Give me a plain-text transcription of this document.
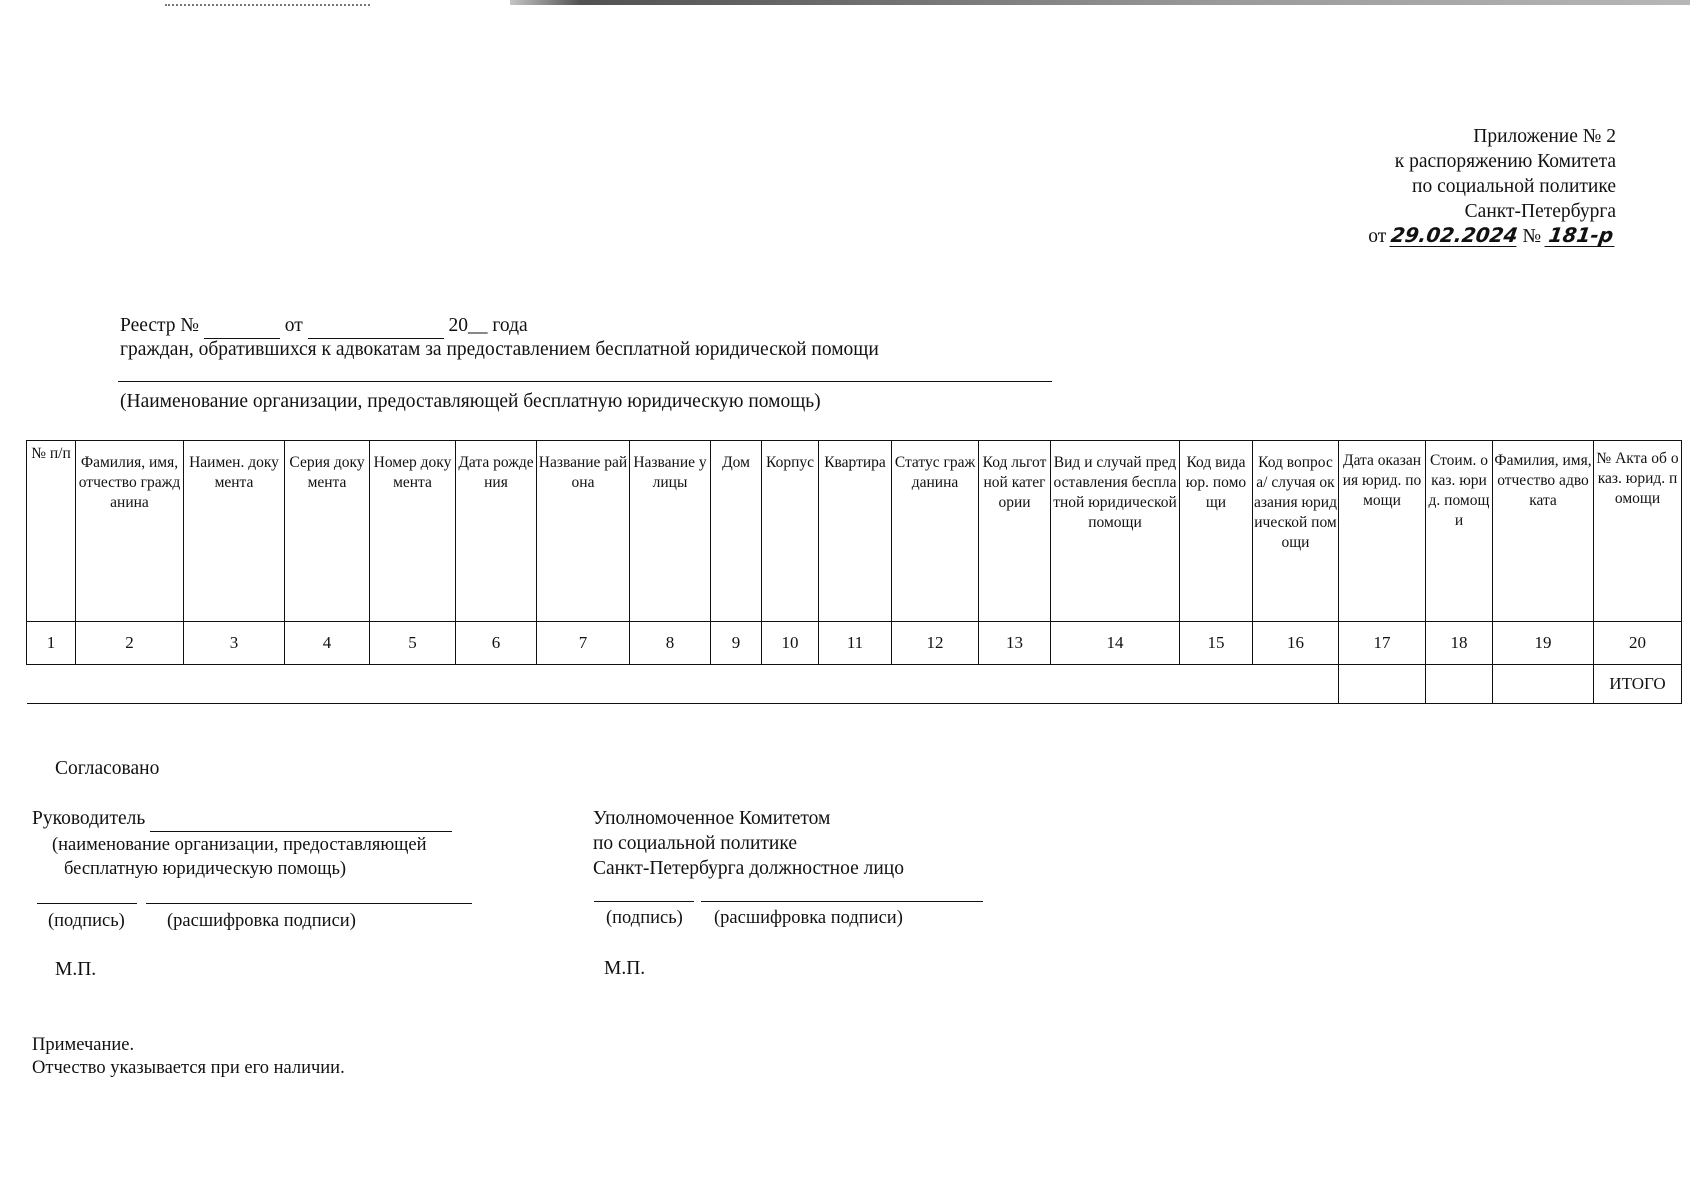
Приложение № 2
к распоряжению Комитета
по социальной политике
Санкт-Петербурга
от 29.02.2024 № 181-р
Реестр №	от	20__ года
граждан, обратившихся к адвокатам за предоставлением бесплатной юридической помощи
(Наименование организации, предоставляющей бесплатную юридическую помощь)
№ п/п	Фамилия, имя, отчество гражданина	Наимен. документа	Серия документа	Номер документа	Дата рождения	Название района	Название улицы	Дом	Корпус	Квартира	Статус гражданина	Код льготной категории	Вид и случай предоставления бесплатной юридической помощи	Код вида юр. помощи	Код вопроса/ случая оказания юридической помощи	Дата оказания юрид. помощи	Стоим. оказ. юрид. помощи	Фамилия, имя, отчество адвоката	№ Акта об оказ. юрид. помощи
1	2	3	4	5	6	7	8	9	10	11	12	13	14	15	16	17	18	19	20
																			ИТОГО
Согласовано
Руководитель
(наименование организации, предоставляющей
бесплатную юридическую помощь)
(подпись) (расшифровка подписи)
М.П.
Уполномоченное Комитетом
по социальной политике
Санкт-Петербурга должностное лицо
(подпись) (расшифровка подписи)
М.П.
Примечание.
Отчество указывается при его наличии.
